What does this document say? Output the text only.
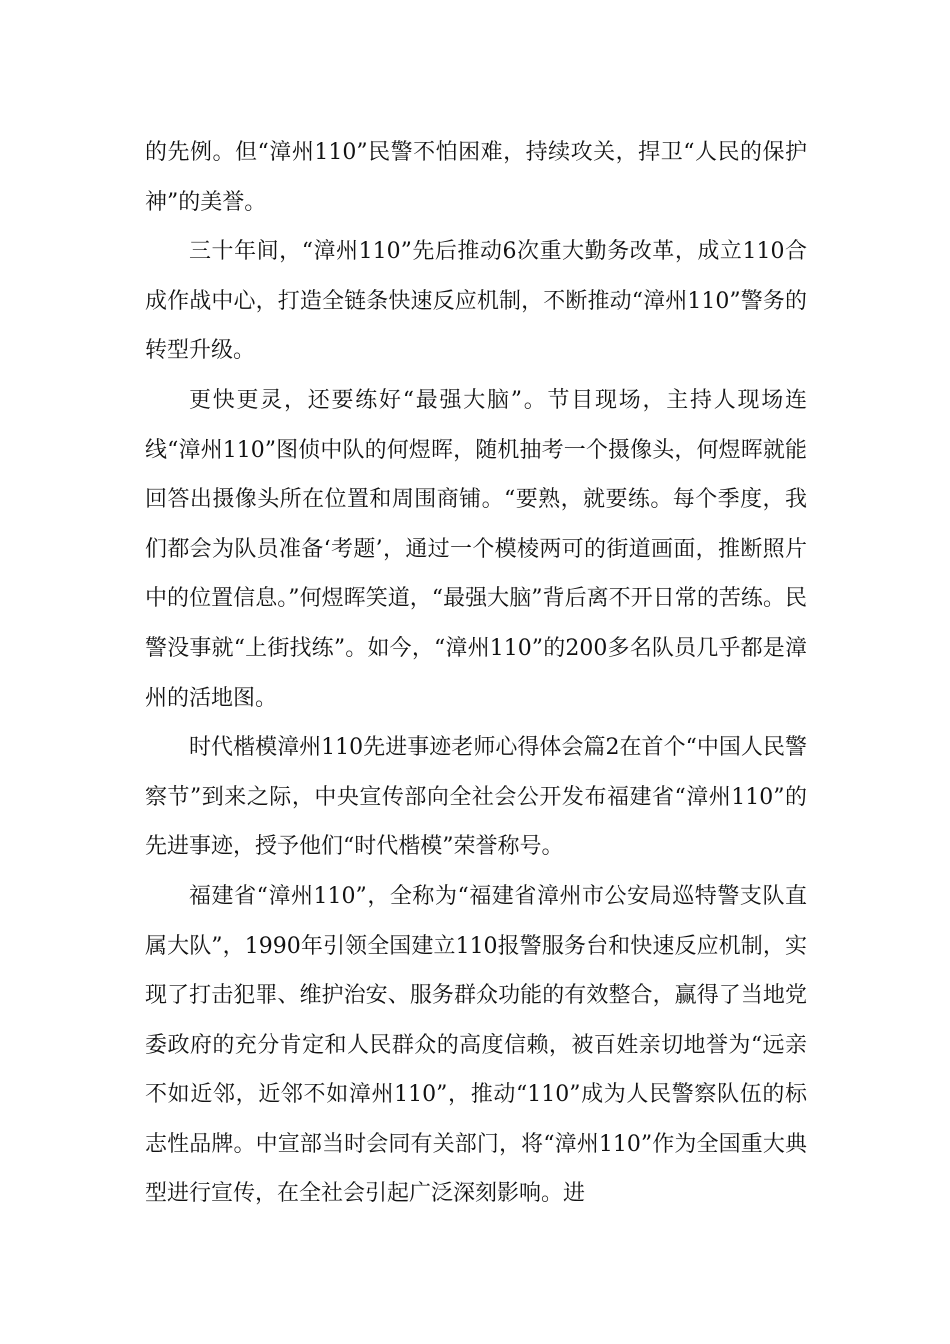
的先例。但“漳州110”民警不怕困难，持续攻关，捍卫“人民的保护神”的美誉。

三十年间，“漳州110”先后推动6次重大勤务改革，成立110合成作战中心，打造全链条快速反应机制，不断推动“漳州110”警务的转型升级。

更快更灵，还要练好“最强大脑”。节目现场，主持人现场连线“漳州110”图侦中队的何煜晖，随机抽考一个摄像头，何煜晖就能回答出摄像头所在位置和周围商铺。“要熟，就要练。每个季度，我们都会为队员准备‘考题’，通过一个模棱两可的街道画面，推断照片中的位置信息。”何煜晖笑道，“最强大脑”背后离不开日常的苦练。民警没事就“上街找练”。如今，“漳州110”的200多名队员几乎都是漳州的活地图。

时代楷模漳州110先进事迹老师心得体会篇2在首个“中国人民警察节”到来之际，中央宣传部向全社会公开发布福建省“漳州110”的先进事迹，授予他们“时代楷模”荣誉称号。

福建省“漳州110”，全称为“福建省漳州市公安局巡特警支队直属大队”，1990年引领全国建立110报警服务台和快速反应机制，实现了打击犯罪、维护治安、服务群众功能的有效整合，赢得了当地党委政府的充分肯定和人民群众的高度信赖，被百姓亲切地誉为“远亲不如近邻，近邻不如漳州110”，推动“110”成为人民警察队伍的标志性品牌。中宣部当时会同有关部门，将“漳州110”作为全国重大典型进行宣传，在全社会引起广泛深刻影响。进
